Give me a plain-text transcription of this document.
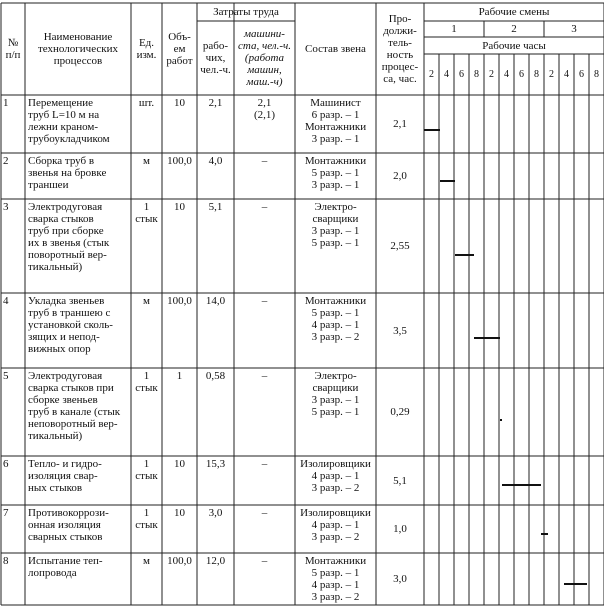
№
п/п
Наименование
технологических
процессов
Ед.
изм.
Объ-
ем
работ
Затраты труда
рабо-
чих,
чел.-ч.
машини-
ста, чел.-ч.
(работа
машин,
маш.-ч)
Состав звена
Про-
должи-
тель-
ность
процес-
са, час.
Рабочие смены
1	2	3
Рабочие часы
2	4	6	8	2	4	6	8	2	4	6	8
1	Перемещение
труб L=10 м на
лежни краном-
трубоукладчиком
шт.	10	2,1	2,1
(2,1)
Машинист
6 разр. – 1
Монтажники
3 разр. – 1
2,1
2	Сборка труб в
звенья на бровке
траншеи
м	100,0	4,0	–	Монтажники
5 разр. – 1
3 разр. – 1
2,0
3	Электродуговая
сварка стыков
труб при сборке
их в звенья (стык
поворотный вер-
тикальный)
1
стык
10	5,1	–	Электро-
сварщики
3 разр. – 1
5 разр. – 1	2,55
4	Укладка звеньев
труб в траншею с
установкой сколь-
зящих и непод-
вижных опор
м	100,0	14,0	–	Монтажники
5 разр. – 1
4 разр. – 1
3 разр. – 2
3,5
5	Электродуговая
сварка стыков при
сборке звеньев
труб в канале (стык
неповоротный вер-
тикальный)
1
стык
1	0,58	–	Электро-
сварщики
3 разр. – 1
5 разр. – 1	0,29
6	Тепло- и гидро-
изоляция свар-
ных стыков
1
стык
10	15,3	–	Изолировщики
4 разр. – 1
3 разр. – 2
5,1
7	Противокоррози-
онная изоляция
сварных стыков
1
стык
10	3,0	–	Изолировщики
4 разр. – 1
3 разр. – 2
1,0
8	Испытание теп-
лопровода
м	100,0	12,0	–	Монтажники
5 разр. – 1
4 разр. – 1
3 разр. – 2
3,0
